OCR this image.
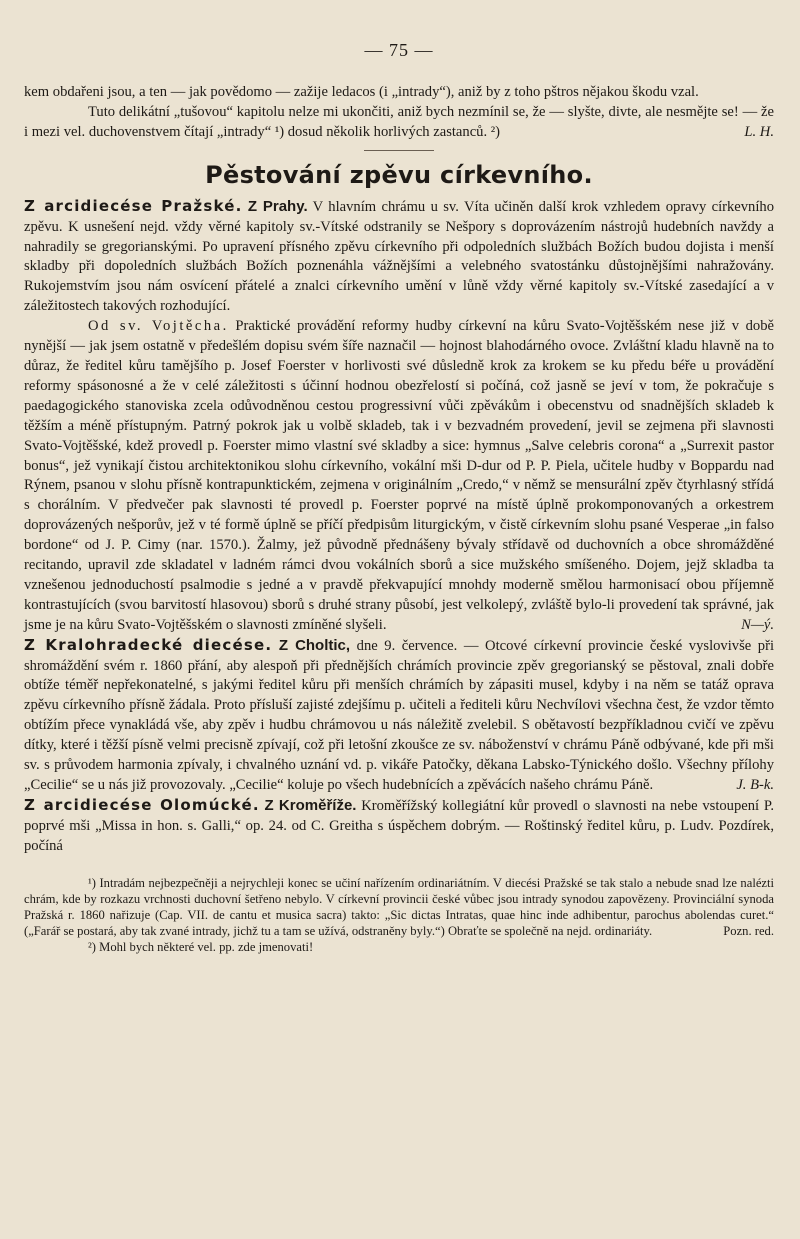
— 75 —

kem obdařeni jsou, a ten — jak povědomo — zažije ledacos (i „intrady“), aniž by z toho pštros nějakou škodu vzal.

Tuto delikátní „tušovou“ kapitolu nelze mi ukončiti, aniž bych nezmínil se, že — slyšte, divte, ale nesmějte se! — že i mezi vel. duchovenstvem čítají „intrady“ ¹) dosud několik horlivých zastanců. ²)	L. H.

Pěstování zpěvu církevního.

Z arcidiecése Pražské. Z Prahy. V hlavním chrámu u sv. Víta učiněn další krok vzhledem opravy církevního zpěvu. K usnešení nejd. vždy věrné kapitoly sv.-Vítské odstranily se Nešpory s doprovázením nástrojů hudebních navždy a nahradily se gregorianskými. Po upravení přísného zpěvu církevního při odpoledních službách Božích budou dojista i menší skladby při dopoledních službách Božích poznenáhla vážnějšími a velebného svatostánku důstojnějšími nahražovány. Rukojemstvím jsou nám osvícení přátelé a znalci církevního umění v lůně vždy věrné kapitoly sv.-Vítské zasedající a v záležitostech takových rozhodující.

Od sv. Vojtěcha. Praktické provádění reformy hudby církevní na kůru Svato-Vojtěšském nese již v době nynější — jak jsem ostatně v předešlém dopisu svém šíře naznačil — hojnost blahodárného ovoce. Zvláštní kladu hlavně na to důraz, že ředitel kůru tamějšího p. Josef Foerster v horlivosti své důsledně krok za krokem se ku předu béře u provádění reformy spásonosné a že v celé záležitosti s účinní hodnou obezřelostí si počíná, což jasně se jeví v tom, že pokračuje s paedagogického stanoviska zcela odůvodněnou cestou progressivní vůči zpěvákům i obecenstvu od snadnějších skladeb k těžším a méně přístupným. Patrný pokrok jak u volbě skladeb, tak i v bezvadném provedení, jevil se zejmena při slavnosti Svato-Vojtěšské, kdež provedl p. Foerster mimo vlastní své skladby a sice: hymnus „Salve celebris corona“ a „Surrexit pastor bonus“, jež vynikají čistou architektonikou slohu církevního, vokální mši D-dur od P. P. Piela, učitele hudby v Boppardu nad Rýnem, psanou v slohu přísně kontrapunktickém, zejmena v originálním „Credo,“ v němž se mensurální zpěv čtyrhlasný střídá s chorálním. V předvečer pak slavnosti té provedl p. Foerster poprvé na místě úplně prokomponovaných a orkestrem doprovázených nešporův, jež v té formě úplně se příčí předpisům liturgickým, v čistě církevním slohu psané Vesperae „in falso bordone“ od J. P. Cimy (nar. 1570.). Žalmy, jež původně přednášeny bývaly střídavě od duchovních a obce shromážděné recitando, upravil zde skladatel v ladném rámci dvou vokálních sborů a sice mužského smíšeného. Dojem, jejž skladba ta vznešenou jednoduchostí psalmodie s jedné a v pravdě překvapující mnohdy moderně smělou harmonisací obou příjemně kontrastujících (svou barvitostí hlasovou) sborů s druhé strany působí, jest velkolepý, zvláště bylo-li provedení tak správné, jak jsme je na kůru Svato-Vojtěšském o slavnosti zmíněné slyšeli.	N—ý.

Z Kralohradecké diecése. Z Choltic, dne 9. července. — Otcové církevní provincie české vyslovivše při shromáždění svém r. 1860 přání, aby alespoň při přednějších chrámích provincie zpěv gregorianský se pěstoval, znali dobře obtíže téměř nepřekonatelné, s jakými ředitel kůru při menších chrámích by zápasiti musel, kdyby i na něm se tatáž oprava zpěvu církevního přísně žádala. Proto přísluší zajisté zdejšímu p. učiteli a řediteli kůru Nechvílovi všechna čest, že vzdor těmto obtížím přece vynakládá vše, aby zpěv i hudbu chrámovou u nás náležitě zvelebil. S obětavostí bezpříkladnou cvičí ve zpěvu dítky, které i těžší písně velmi precisně zpívají, což při letošní zkoušce ze sv. náboženství v chrámu Páně odbývané, kde při mši sv. s průvodem harmonia zpívaly, i chvalného uznání vd. p. vikáře Patočky, děkana Labsko-Týnického došlo. Všechny přílohy „Cecilie“ se u nás již provozovaly. „Cecilie“ koluje po všech hudebnících a zpěvácích našeho chrámu Páně.	J. B-k.

Z arcidiecése Olomúcké. Z Kroměříže. Kroměřížský kollegiátní kůr provedl o slavnosti na nebe vstoupení P. poprvé mši „Missa in hon. s. Galli,“ op. 24. od C. Greitha s úspěchem dobrým. — Roštinský ředitel kůru, p. Ludv. Pozdírek, počíná

¹) Intradám nejbezpečněji a nejrychleji konec se učiní nařízením ordinariátním. V diecési Pražské se tak stalo a nebude snad lze nalézti chrám, kde by rozkazu vrchnosti duchovní šetřeno nebylo. V církevní provincii české vůbec jsou intrady synodou zapovězeny. Provinciální synoda Pražská r. 1860 nařizuje (Cap. VII. de cantu et musica sacra) takto: „Sic dictas Intratas, quae hinc inde adhibentur, parochus abolendas curet.“ („Farář se postará, aby tak zvané intrady, jichž tu a tam se užívá, odstraněny byly.“) Obraťte se společně na nejd. ordinariáty.	Pozn. red.

²) Mohl bych některé vel. pp. zde jmenovati!
